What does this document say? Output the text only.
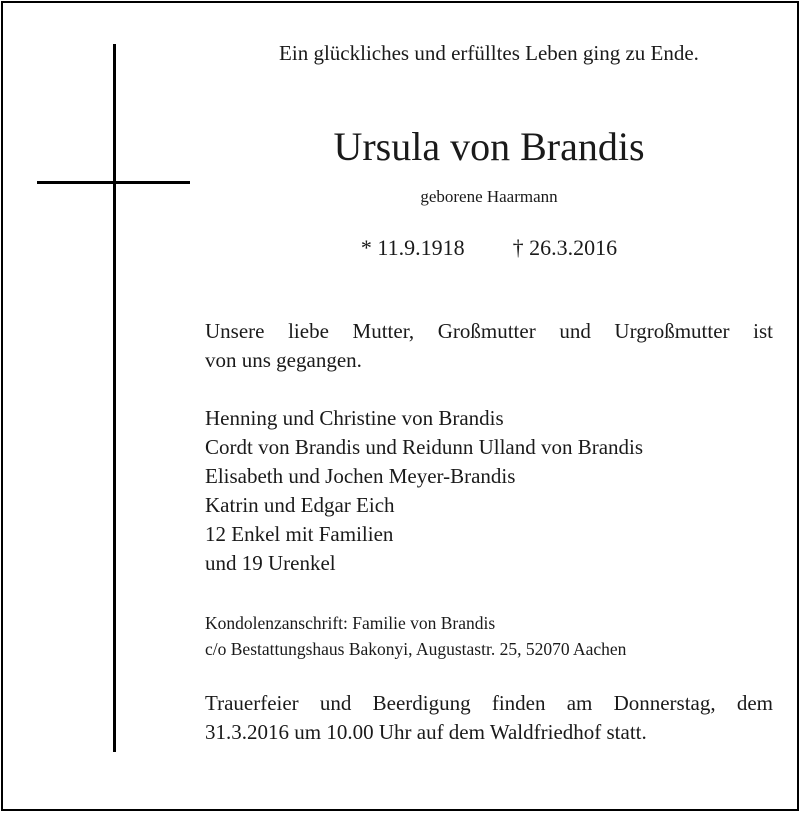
Ein glückliches und erfülltes Leben ging zu Ende.
Ursula von Brandis
geborene Haarmann
* 11.9.1918 † 26.3.2016
Unsere liebe Mutter, Großmutter und Urgroßmutter ist
von uns gegangen.
Henning und Christine von Brandis
Cordt von Brandis und Reidunn Ulland von Brandis
Elisabeth und Jochen Meyer-Brandis
Katrin und Edgar Eich
12 Enkel mit Familien
und 19 Urenkel
Kondolenzanschrift: Familie von Brandis
c/o Bestattungshaus Bakonyi, Augustastr. 25, 52070 Aachen
Trauerfeier und Beerdigung finden am Donnerstag, dem
31.3.2016 um 10.00 Uhr auf dem Waldfriedhof statt.
